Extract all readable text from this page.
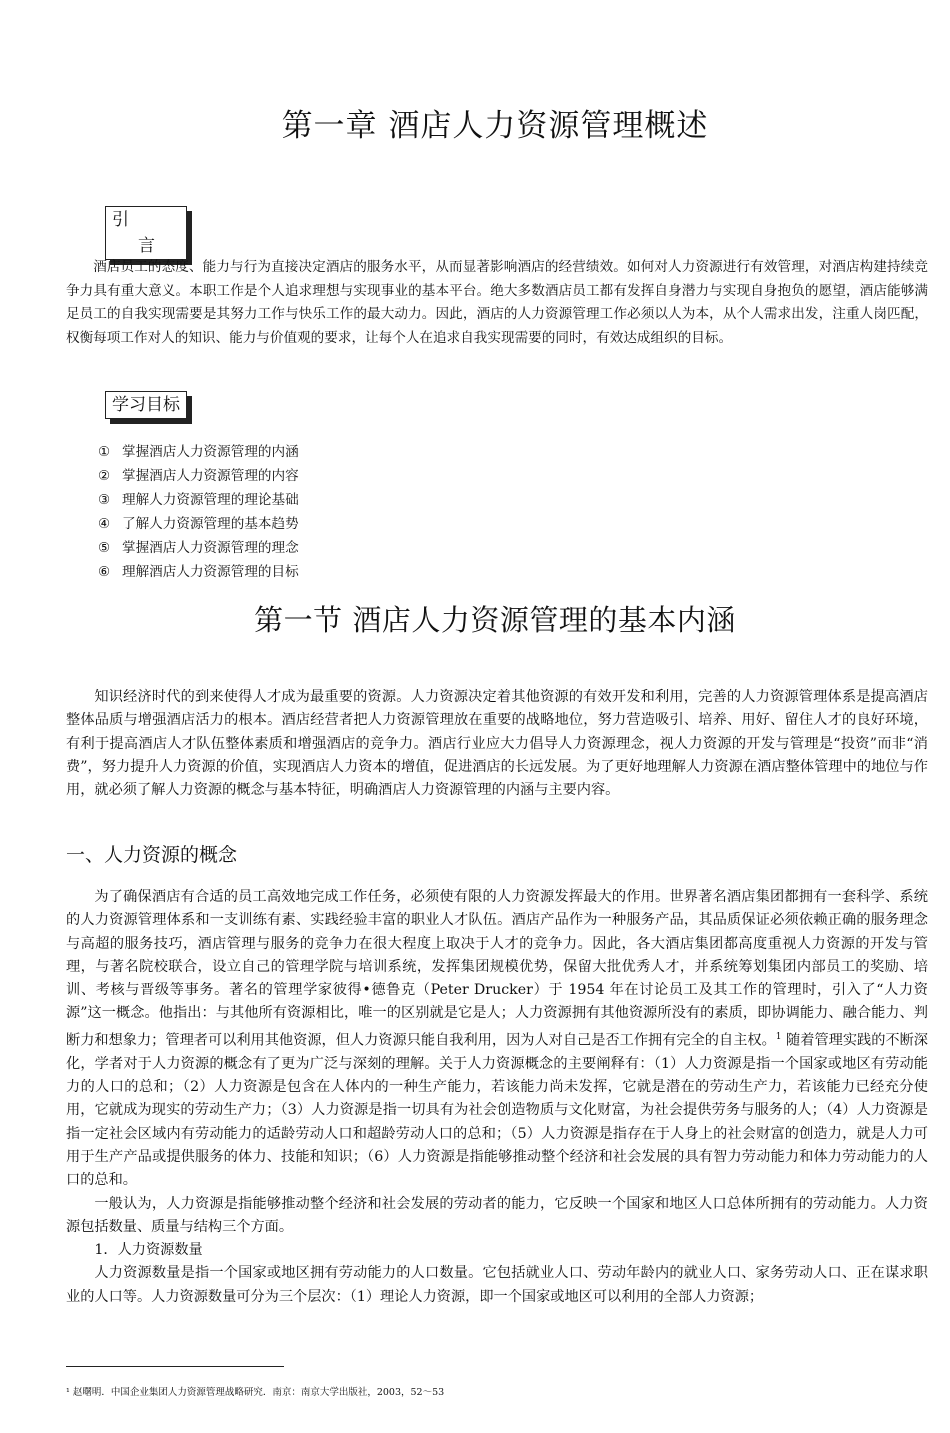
第一章 酒店人力资源管理概述
引 言

酒店员工的态度、能力与行为直接决定酒店的服务水平，从而显著影响酒店的经营绩效。如何对人力资源进行有效管理，对酒店构建持续竞争力具有重大意义。本职工作是个人追求理想与实现事业的基本平台。绝大多数酒店员工都有发挥自身潜力与实现自身抱负的愿望，酒店能够满足员工的自我实现需要是其努力工作与快乐工作的最大动力。因此，酒店的人力资源管理工作必须以人为本，从个人需求出发，注重人岗匹配，权衡每项工作对人的知识、能力与价值观的要求，让每个人在追求自我实现需要的同时，有效达成组织的目标。

学习目标
① 掌握酒店人力资源管理的内涵
② 掌握酒店人力资源管理的内容
③ 理解人力资源管理的理论基础
④ 了解人力资源管理的基本趋势
⑤ 掌握酒店人力资源管理的理念
⑥ 理解酒店人力资源管理的目标
第一节 酒店人力资源管理的基本内涵

知识经济时代的到来使得人才成为最重要的资源。人力资源决定着其他资源的有效开发和利用，完善的人力资源管理体系是提高酒店整体品质与增强酒店活力的根本。酒店经营者把人力资源管理放在重要的战略地位，努力营造吸引、培养、用好、留住人才的良好环境，有利于提高酒店人才队伍整体素质和增强酒店的竞争力。酒店行业应大力倡导人力资源理念，视人力资源的开发与管理是“投资”而非“消费”，努力提升人力资源的价值，实现酒店人力资本的增值，促进酒店的长远发展。为了更好地理解人力资源在酒店整体管理中的地位与作用，就必须了解人力资源的概念与基本特征，明确酒店人力资源管理的内涵与主要内容。

一、人力资源的概念

为了确保酒店有合适的员工高效地完成工作任务，必须使有限的人力资源发挥最大的作用。世界著名酒店集团都拥有一套科学、系统的人力资源管理体系和一支训练有素、实践经验丰富的职业人才队伍。酒店产品作为一种服务产品，其品质保证必须依赖正确的服务理念与高超的服务技巧，酒店管理与服务的竞争力在很大程度上取决于人才的竞争力。因此，各大酒店集团都高度重视人力资源的开发与管理，与著名院校联合，设立自己的管理学院与培训系统，发挥集团规模优势，保留大批优秀人才，并系统筹划集团内部员工的奖励、培训、考核与晋级等事务。著名的管理学家彼得•德鲁克（Peter Drucker）于 1954 年在讨论员工及其工作的管理时，引入了“人力资源”这一概念。他指出：与其他所有资源相比，唯一的区别就是它是人；人力资源拥有其他资源所没有的素质，即协调能力、融合能力、判断力和想象力；管理者可以利用其他资源，但人力资源只能自我利用，因为人对自己是否工作拥有完全的自主权。$^1$ 随着管理实践的不断深化，学者对于人力资源的概念有了更为广泛与深刻的理解。关于人力资源概念的主要阐释有：（1）人力资源是指一个国家或地区有劳动能力的人口的总和；（2）人力资源是包含在人体内的一种生产能力，若该能力尚未发挥，它就是潜在的劳动生产力，若该能力已经充分使用，它就成为现实的劳动生产力；（3）人力资源是指一切具有为社会创造物质与文化财富，为社会提供劳务与服务的人；（4）人力资源是指一定社会区域内有劳动能力的适龄劳动人口和超龄劳动人口的总和；（5）人力资源是指存在于人身上的社会财富的创造力，就是人力可用于生产产品或提供服务的体力、技能和知识；（6）人力资源是指能够推动整个经济和社会发展的具有智力劳动能力和体力劳动能力的人口的总和。

一般认为，人力资源是指能够推动整个经济和社会发展的劳动者的能力，它反映一个国家和地区人口总体所拥有的劳动能力。人力资源包括数量、质量与结构三个方面。

1．人力资源数量

人力资源数量是指一个国家或地区拥有劳动能力的人口数量。它包括就业人口、劳动年龄内的就业人口、家务劳动人口、正在谋求职业的人口等。人力资源数量可分为三个层次：（1）理论人力资源，即一个国家或地区可以利用的全部人力资源；

¹ 赵曙明．中国企业集团人力资源管理战略研究．南京：南京大学出版社，2003，52～53
